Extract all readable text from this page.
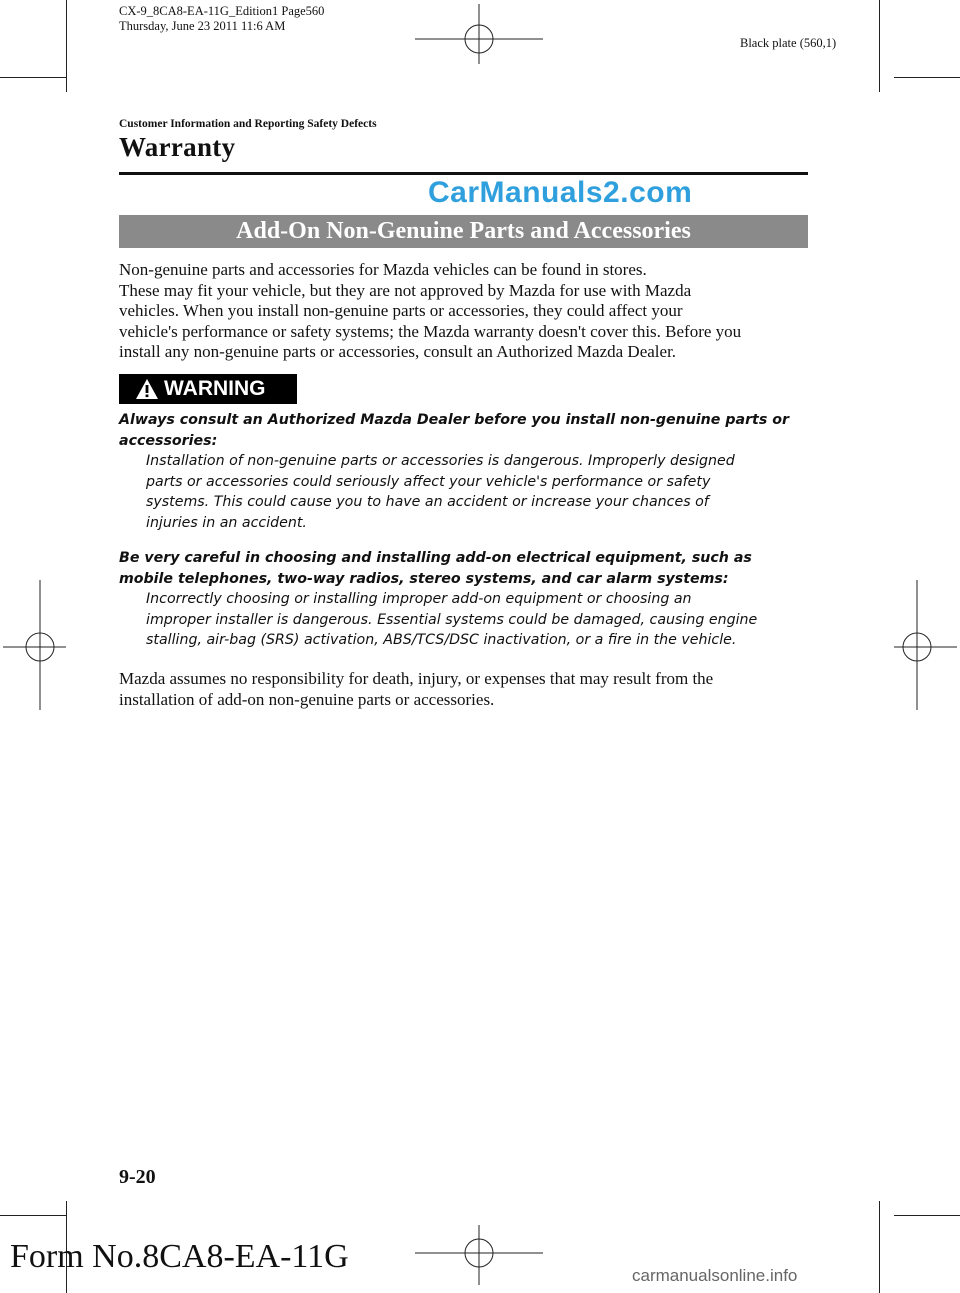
CX-9_8CA8-EA-11G_Edition1 Page560
Thursday, June 23 2011 11:6 AM
Black plate (560,1)
Customer Information and Reporting Safety Defects
Warranty
CarManuals2.com
Add-On Non-Genuine Parts and Accessories
Non-genuine parts and accessories for Mazda vehicles can be found in stores.
These may fit your vehicle, but they are not approved by Mazda for use with Mazda
vehicles. When you install non-genuine parts or accessories, they could affect your
vehicle's performance or safety systems; the Mazda warranty doesn't cover this. Before you
install any non-genuine parts or accessories, consult an Authorized Mazda Dealer.
WARNING
Always consult an Authorized Mazda Dealer before you install non-genuine parts or
accessories:
Installation of non-genuine parts or accessories is dangerous. Improperly designed
parts or accessories could seriously affect your vehicle's performance or safety
systems. This could cause you to have an accident or increase your chances of
injuries in an accident.
Be very careful in choosing and installing add-on electrical equipment, such as
mobile telephones, two-way radios, stereo systems, and car alarm systems:
Incorrectly choosing or installing improper add-on equipment or choosing an
improper installer is dangerous. Essential systems could be damaged, causing engine
stalling, air-bag (SRS) activation, ABS/TCS/DSC inactivation, or a fire in the vehicle.
Mazda assumes no responsibility for death, injury, or expenses that may result from the
installation of add-on non-genuine parts or accessories.
9-20
Form No.8CA8-EA-11G
carmanualsonline.info
